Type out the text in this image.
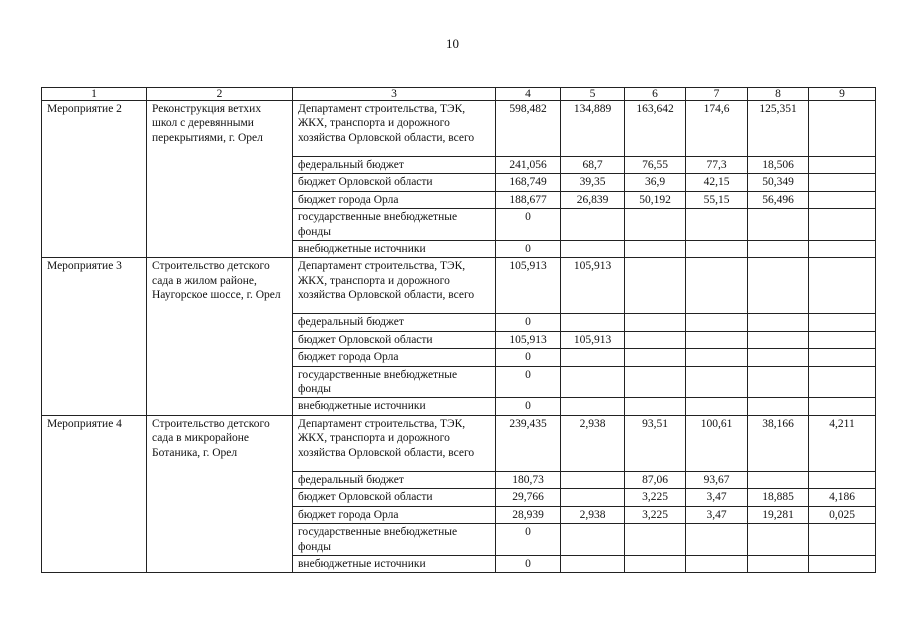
10
1	2	3	4	5	6	7	8	9
Мероприятие 2	Реконструкция ветхих школ с деревянными перекрытиями, г. Орел	Департамент строительства, ТЭК, ЖКХ, транспорта и дорожного хозяйства Орловской области, всего	598,482	134,889	163,642	174,6	125,351	
		федеральный бюджет	241,056	68,7	76,55	77,3	18,506	
		бюджет Орловской области	168,749	39,35	36,9	42,15	50,349	
		бюджет города Орла	188,677	26,839	50,192	55,15	56,496	
		государственные внебюджетные фонды	0					
		внебюджетные источники	0					
Мероприятие 3	Строительство детского сада в жилом районе, Наугорское шоссе, г. Орел	Департамент строительства, ТЭК, ЖКХ, транспорта и дорожного хозяйства Орловской области, всего	105,913	105,913				
		федеральный бюджет	0					
		бюджет Орловской области	105,913	105,913				
		бюджет города Орла	0					
		государственные внебюджетные фонды	0					
		внебюджетные источники	0					
Мероприятие 4	Строительство детского сада в микрорайоне Ботаника, г. Орел	Департамент строительства, ТЭК, ЖКХ, транспорта и дорожного хозяйства Орловской области, всего	239,435	2,938	93,51	100,61	38,166	4,211
		федеральный бюджет	180,73		87,06	93,67		
		бюджет Орловской области	29,766		3,225	3,47	18,885	4,186
		бюджет города Орла	28,939	2,938	3,225	3,47	19,281	0,025
		государственные внебюджетные фонды	0					
		внебюджетные источники	0					
